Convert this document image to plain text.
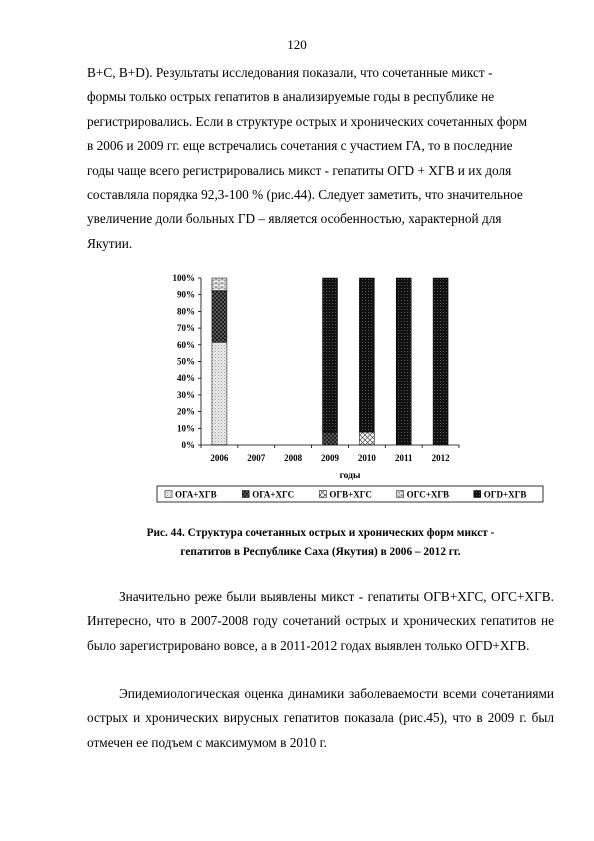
120
В+С, В+D). Результаты исследования показали, что сочетанные микст -
формы только острых гепатитов в анализируемые годы в республике не
регистрировались. Если в структуре острых и хронических сочетанных форм
в 2006 и 2009 гг. еще встречались сочетания с участием ГА, то в последние
годы чаще всего регистрировались микст - гепатиты ОГD + ХГВ и их доля
составляла порядка 92,3-100 % (рис.44). Следует заметить, что значительное
увеличение доли больных ГD – является особенностью, характерной для
Якутии.
0%
10%
20%
30%
40%
50%
60%
70%
80%
90%
100%
2006 2007 2008 2009 2010 2011 2012
годы
ОГА+ХГВ	ОГА+ХГС	ОГВ+ХГС	ОГС+ХГВ	ОГD+ХГВ
Рис. 44. Структура сочетанных острых и хронических форм микст -
гепатитов в Республике Саха (Якутия) в 2006 – 2012 гг.

Значительно реже были выявлены микст - гепатиты ОГВ+ХГС, ОГС+ХГВ. Интересно, что в 2007-2008 году сочетаний острых и хронических гепатитов не было зарегистрировано вовсе, а в 2011-2012 годах выявлен только ОГD+ХГВ.

Эпидемиологическая оценка динамики заболеваемости всеми сочетаниями острых и хронических вирусных гепатитов показала (рис.45), что в 2009 г. был отмечен ее подъем с максимумом в 2010 г.
